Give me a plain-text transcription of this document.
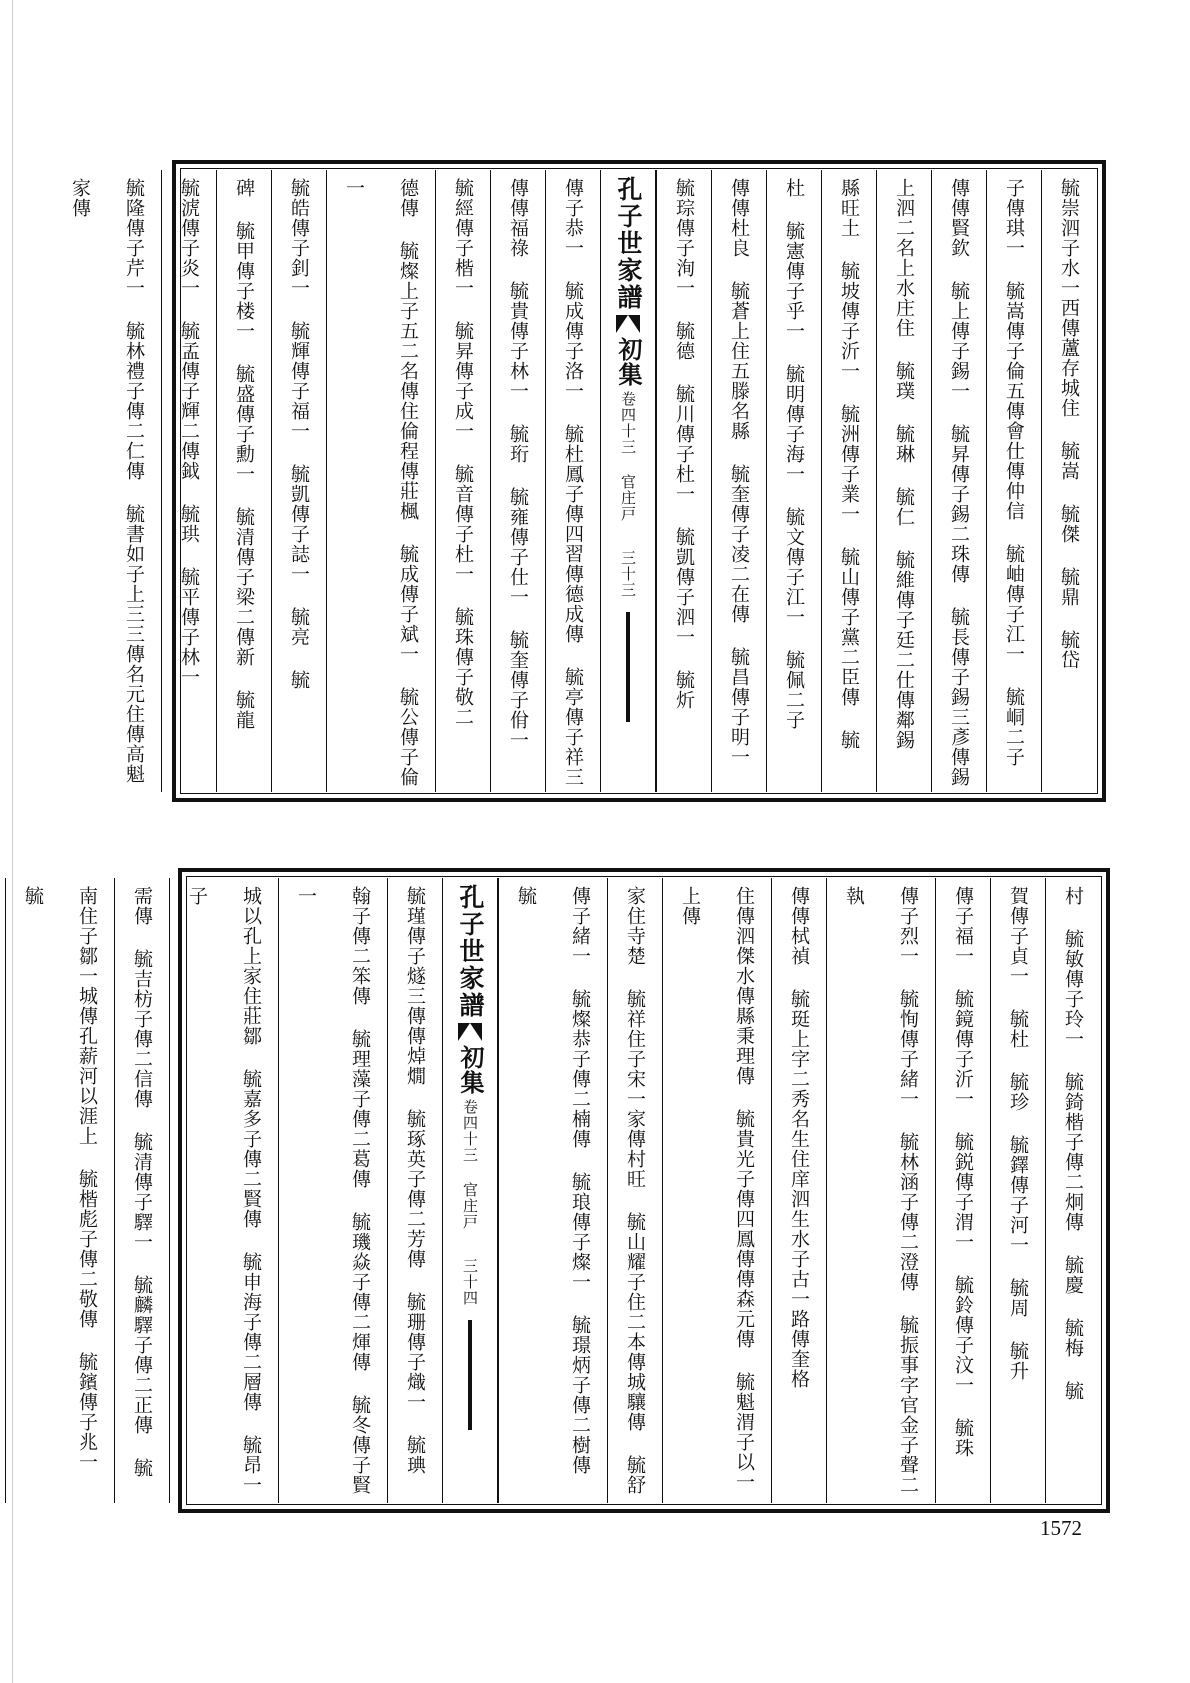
毓崇泗子水一西傳蘆存城住 毓嵩 毓傑 毓鼎 毓岱
子傳琪一 毓嵩傳子倫五傳會仕傳仲信 毓岫傳子江一 毓峒二子
傳傳賢欽 毓上傳子錫一 毓昇傳子錫二珠傳 毓長傳子錫三彥傳錫
上泗二名上水庄住 毓璞 毓琳 毓仁 毓維傳子廷二仕傳鄰錫
縣旺土 毓坡傳子沂一 毓洲傳子業一 毓山傳子黨二臣傳 毓
杜 毓憲傳子乎一 毓明傳子海一 毓文傳子江一 毓佩二子
傳傳杜良 毓蒼上住五滕名縣 毓奎傳子凌二在傳 毓昌傳子明一
毓琮傳子洵一 毓德 毓川傳子杜一 毓凱傳子泗一 毓炘
孔子世家譜
初集
卷四十三 官庄戸
三十三
傳子恭一 毓成傳子洛一 毓杜鳳子傳四習傳德成傳 毓亭傳子祥三
傳傳福祿 毓貴傳子林一 毓珩 毓雍傳子仕一 毓奎傳子佾一
毓經傳子楷一 毓昇傳子成一 毓音傳子杜一 毓珠傳子敬二
德傳 毓燦上子五二名傳住倫程傳莊楓 毓成傳子斌一 毓公傳子倫一
毓皓傳子釗一 毓輝傳子福一 毓凱傳子誌一 毓亮 毓
碑 毓甲傳子楼一 毓盛傳子勳一 毓清傳子梁二傳新 毓龍
毓淲傳子炎一 毓孟傳子輝二傳鉞 毓珙 毓平傳子林一
毓隆傳子芹一 毓林禮子傳二仁傳 毓書如子上三三傳名元住傳高魁家傳
村 毓敏傳子玲一 毓錡楷子傳二炯傳 毓慶 毓梅 毓
賀傳子貞一 毓杜 毓珍 毓鐸傳子河一 毓周 毓升
傳子福一 毓鏡傳子沂一 毓鋭傳子渭一 毓鈴傳子汶一 毓珠
傳子烈一 毓恂傳子緒一 毓林涵子傳二澄傳 毓振事字官金子聲二執
傳傳栻禎 毓珽上字二秀名生住庠泗生水子古一路傳奎格
住傳泗傑水傳縣秉理傳 毓貴光子傳四鳳傳傳森元傳 毓魁渭子以一上傳
家住寺楚 毓祥住子宋一家傳村旺 毓山耀子住二本傳城驤傳 毓舒
傳子緒一 毓燦恭子傳二楠傳 毓琅傳子燦一 毓璟炳子傳二樹傳 毓
孔子世家譜
初集
卷四十三 官庄戸
三十四
毓瑾傳子燧三傳傳焯燗 毓琢英子傳二芳傳 毓珊傳子熾一 毓琠
翰子傳二笨傳 毓理藻子傳二葛傳 毓璣焱子傳二煇傳 毓冬傳子賢一
城以孔上家住莊鄒 毓嘉多子傳二賢傳 毓申海子傳二層傳 毓昂一子
需傳 毓吉枋子傳二信傳 毓清傳子驛一 毓麟驛子傳二正傳 毓
南住子鄒一城傳孔薪河以涯上 毓楷彪子傳二敬傳 毓鑌傳子兆一 毓
1572
